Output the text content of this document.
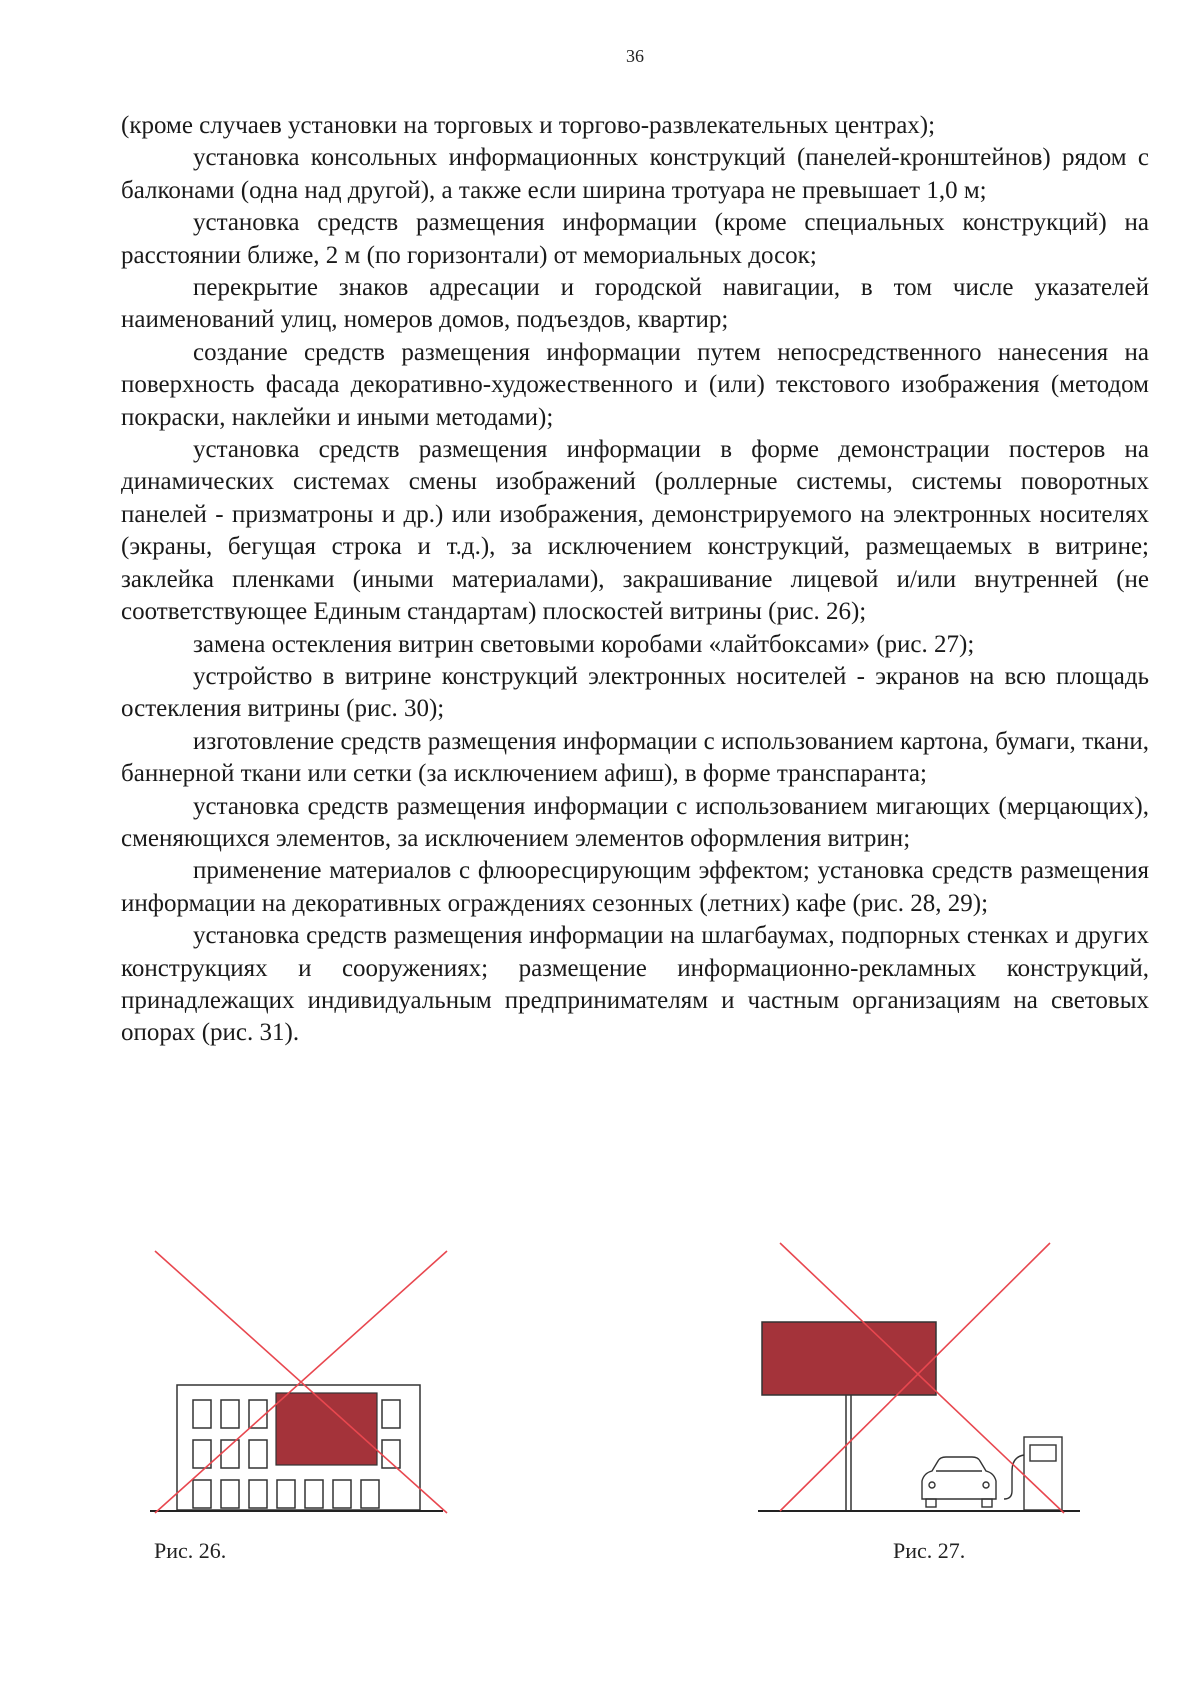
36

(кроме случаев установки на торговых и торгово-развлекательных центрах);

установка консольных информационных конструкций (панелей-кронштейнов) рядом с балконами (одна над другой), а также если ширина тротуара не превышает 1,0 м;

установка средств размещения информации (кроме специальных конструкций) на расстоянии ближе, 2 м (по горизонтали) от мемориальных досок;

перекрытие знаков адресации и городской навигации, в том числе указателей наименований улиц, номеров домов, подъездов, квартир;

создание средств размещения информации путем непосредственного нанесения на поверхность фасада декоративно-художественного и (или) текстового изображения (методом покраски, наклейки и иными методами);

установка средств размещения информации в форме демонстрации постеров на динамических системах смены изображений (роллерные системы, системы поворотных панелей - призматроны и др.) или изображения, демонстрируемого на электронных носителях (экраны, бегущая строка и т.д.), за исключением конструкций, размещаемых в витрине; заклейка пленками (иными материалами), закрашивание лицевой и/или внутренней (не соответствующее Единым стандартам) плоскостей витрины (рис. 26);

замена остекления витрин световыми коробами «лайтбоксами» (рис. 27);

устройство в витрине конструкций электронных носителей - экранов на всю площадь остекления витрины (рис. 30);

изготовление средств размещения информации с использованием картона, бумаги, ткани, баннерной ткани или сетки (за исключением афиш), в форме транспаранта;

установка средств размещения информации с использованием мигающих (мерцающих), сменяющихся элементов, за исключением элементов оформления витрин;

применение материалов с флюоресцирующим эффектом; установка средств размещения информации на декоративных ограждениях сезонных (летних) кафе (рис. 28, 29);

установка средств размещения информации на шлагбаумах, подпорных стенках и других конструкциях и сооружениях; размещение информационно-рекламных конструкций, принадлежащих индивидуальным предпринимателям и частным организациям на световых опорах (рис. 31).

Рис. 26.	Рис. 27.
